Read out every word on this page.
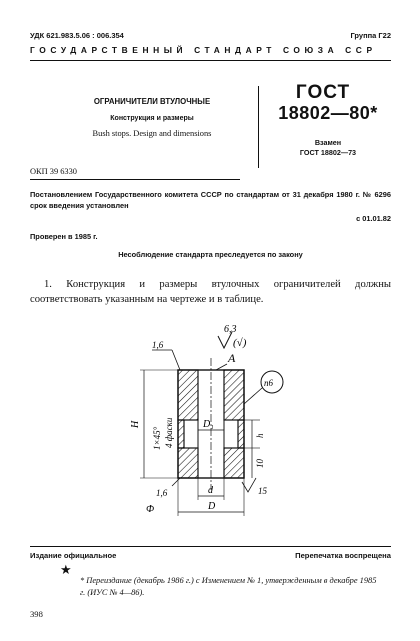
УДК 621.983.5.06 : 006.354	Группа Г22
ГОСУДАРСТВЕННЫЙ СТАНДАРТ СОЮЗА ССР
ОГРАНИЧИТЕЛИ ВТУЛОЧНЫЕ
Конструкция и размеры
Bush stops. Design and dimensions
ГОСТ
18802—80*
Взамен
ГОСТ 18802—73
ОКП 39 6330
Постановлением Государственного комитета СССР по стандартам от 31 декабря 1980 г. № 6296 срок введения установлен
с 01.01.82
Проверен в 1985 г.
Несоблюдение стандарта преследуется по закону
1. Конструкция и размеры втулочных ограничителей должны соответствовать указанным на чертеже и в таблице.
6,3
(√)
D₁
1,6
A
n6
H
1×45° 4 фаски	h
10
1,6	15
d
D
Ф
Издание официальное	Перепечатка воспрещена
★
* Переиздание (декабрь 1986 г.) с Изменением № 1, утвержденным в декабре 1985 г. (ИУС № 4—86).
398
